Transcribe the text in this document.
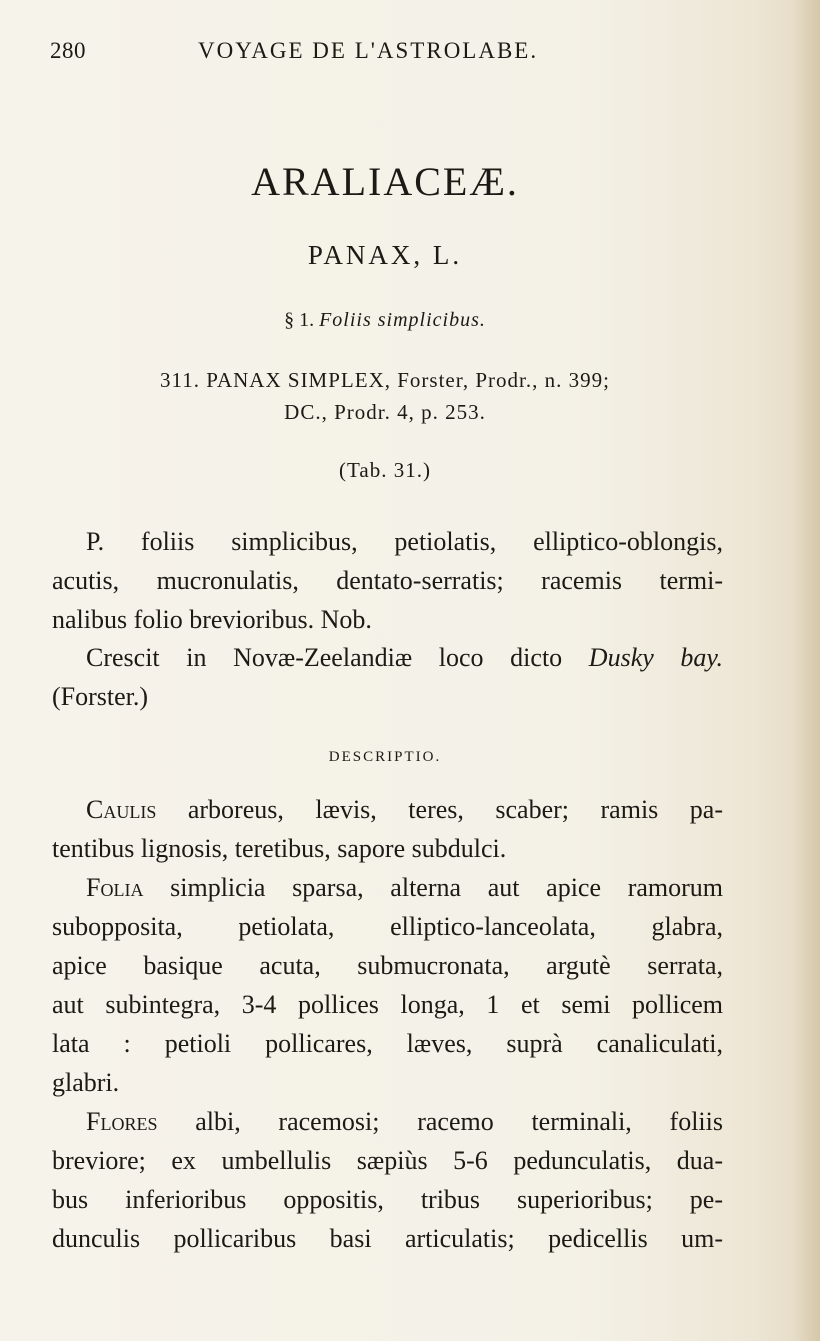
280	VOYAGE DE L'ASTROLABE.
ARALIACEÆ.
PANAX, L.
§ 1. Foliis simplicibus.
311. PANAX SIMPLEX, Forster, Prodr., n. 399;
DC., Prodr. 4, p. 253.
(Tab. 31.)
P. foliis simplicibus, petiolatis, elliptico-oblongis,
acutis, mucronulatis, dentato-serratis; racemis termi-
nalibus folio brevioribus. Nob.
Crescit in Novæ-Zeelandiæ loco dicto Dusky bay.
(Forster.)
DESCRIPTIO.
Caulis arboreus, lævis, teres, scaber; ramis pa-
tentibus lignosis, teretibus, sapore subdulci.
Folia simplicia sparsa, alterna aut apice ramorum
subopposita, petiolata, elliptico-lanceolata, glabra,
apice basique acuta, submucronata, argutè serrata,
aut subintegra, 3-4 pollices longa, 1 et semi pollicem
lata : petioli pollicares, læves, suprà canaliculati,
glabri.
Flores albi, racemosi; racemo terminali, foliis
breviore; ex umbellulis sæpiùs 5-6 pedunculatis, dua-
bus inferioribus oppositis, tribus superioribus; pe-
dunculis pollicaribus basi articulatis; pedicellis um-
